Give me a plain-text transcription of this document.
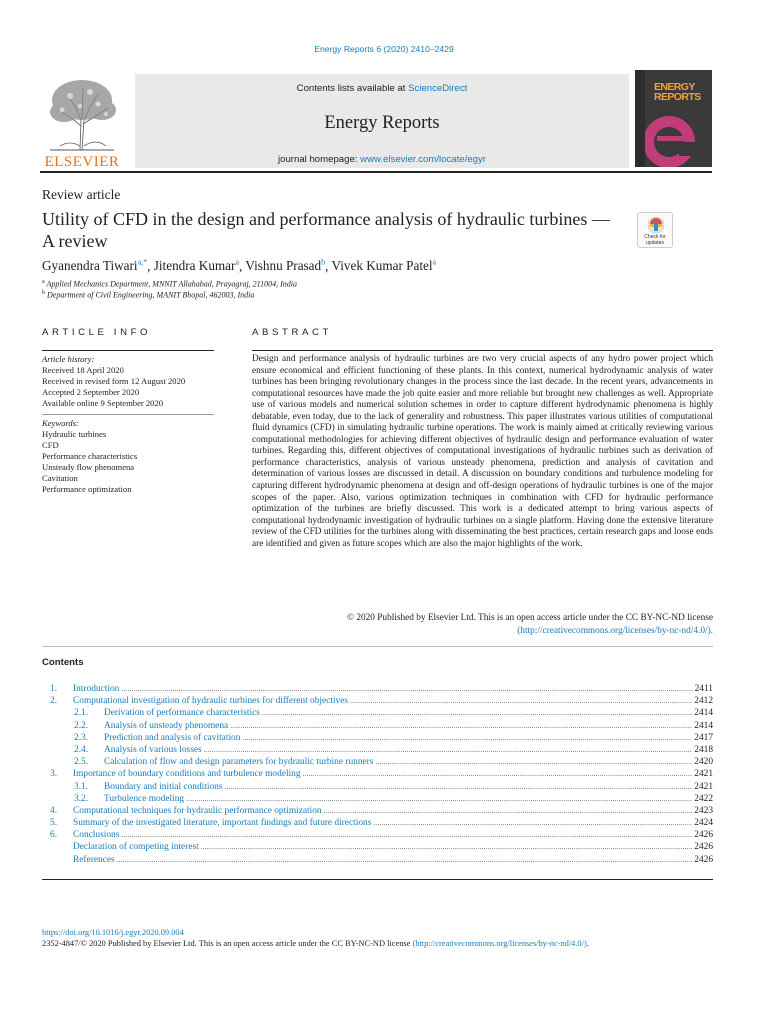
Energy Reports 6 (2020) 2410–2429
ELSEVIER
Contents lists available at ScienceDirect
Energy Reports
journal homepage: www.elsevier.com/locate/egyr
ENERGY
REPORTS
Review article
Utility of CFD in the design and performance analysis of hydraulic turbines — A review	Check for
updates
Gyanendra Tiwari$^{a,*}$, Jitendra Kumar$^a$, Vishnu Prasad$^b$, Vivek Kumar Patel$^a$
$^a$ Applied Mechanics Department, MNNIT Allahabad, Prayagraj, 211004, India
$^b$ Department of Civil Engineering, MANIT Bhopal, 462003, India
ARTICLE INFO	ABSTRACT
Article history:
Received 18 April 2020
Received in revised form 12 August 2020
Accepted 2 September 2020
Available online 9 September 2020
Keywords:
Hydraulic turbines
CFD
Performance characteristics
Unsteady flow phenomena
Cavitation
Performance optimization
Design and performance analysis of hydraulic turbines are two very crucial aspects of any hydro power project which ensure economical and efficient functioning of these plants. In this context, numerical hydrodynamic analysis of water turbines has been bringing revolutionary changes in the process since the last decade. In the recent years, advancements in computational resources have made the job quite easier and more reliable but brought new challenges as well. Appropriate use of various models and numerical solution schemes in order to capture different hydrodynamic phenomena is highly debatable, even today, due to the lack of generality and robustness. This paper illustrates various utilities of computational fluid dynamics (CFD) in simulating hydraulic turbine operations. The work is mainly aimed at critically reviewing various computational methodologies for achieving different objectives of hydraulic design and performance evaluation of water turbines. Regarding this, different objectives of computational investigations of hydraulic turbines such as derivation of performance characteristics, analysis of various unsteady phenomena, prediction and analysis of cavitation and determination of various losses are discussed in detail. A discussion on boundary conditions and turbulence modeling for capturing different hydrodynamic phenomena at design and off-design operations of hydraulic turbines is one of the major scopes of the paper. Also, various optimization techniques in combination with CFD for hydraulic performance optimization of the turbines are briefly discussed. This work is a dedicated attempt to bring various aspects of computational hydrodynamic investigation of hydraulic turbines on a single platform. Having done the extensive literature review of the CFD utilities for the turbines along with disseminating the best practices, certain research gaps and loose ends are identified and given as future scopes which are also the major highlights of the work.
© 2020 Published by Elsevier Ltd. This is an open access article under the CC BY-NC-ND license
(http://creativecommons.org/licenses/by-nc-nd/4.0/).
Contents
1.	Introduction .....	2411
2.	Computational investigation of hydraulic turbines for different objectives .....	2412
2.1.	Derivation of performance characteristics .....	2414
2.2.	Analysis of unsteady phenomena .....	2414
2.3.	Prediction and analysis of cavitation .....	2417
2.4.	Analysis of various losses .....	2418
2.5.	Calculation of flow and design parameters for hydraulic turbine runners .....	2420
3.	Importance of boundary conditions and turbulence modeling .....	2421
3.1.	Boundary and initial conditions .....	2421
3.2.	Turbulence modeling .....	2422
4.	Computational techniques for hydraulic performance optimization .....	2423
5.	Summary of the investigated literature, important findings and future directions .....	2424
6.	Conclusions .....	2426
Declaration of competing interest .....	2426
References .....	2426
https://doi.org/10.1016/j.egyr.2020.09.004
2352-4847/© 2020 Published by Elsevier Ltd. This is an open access article under the CC BY-NC-ND license (http://creativecommons.org/licenses/by-nc-nd/4.0/).
